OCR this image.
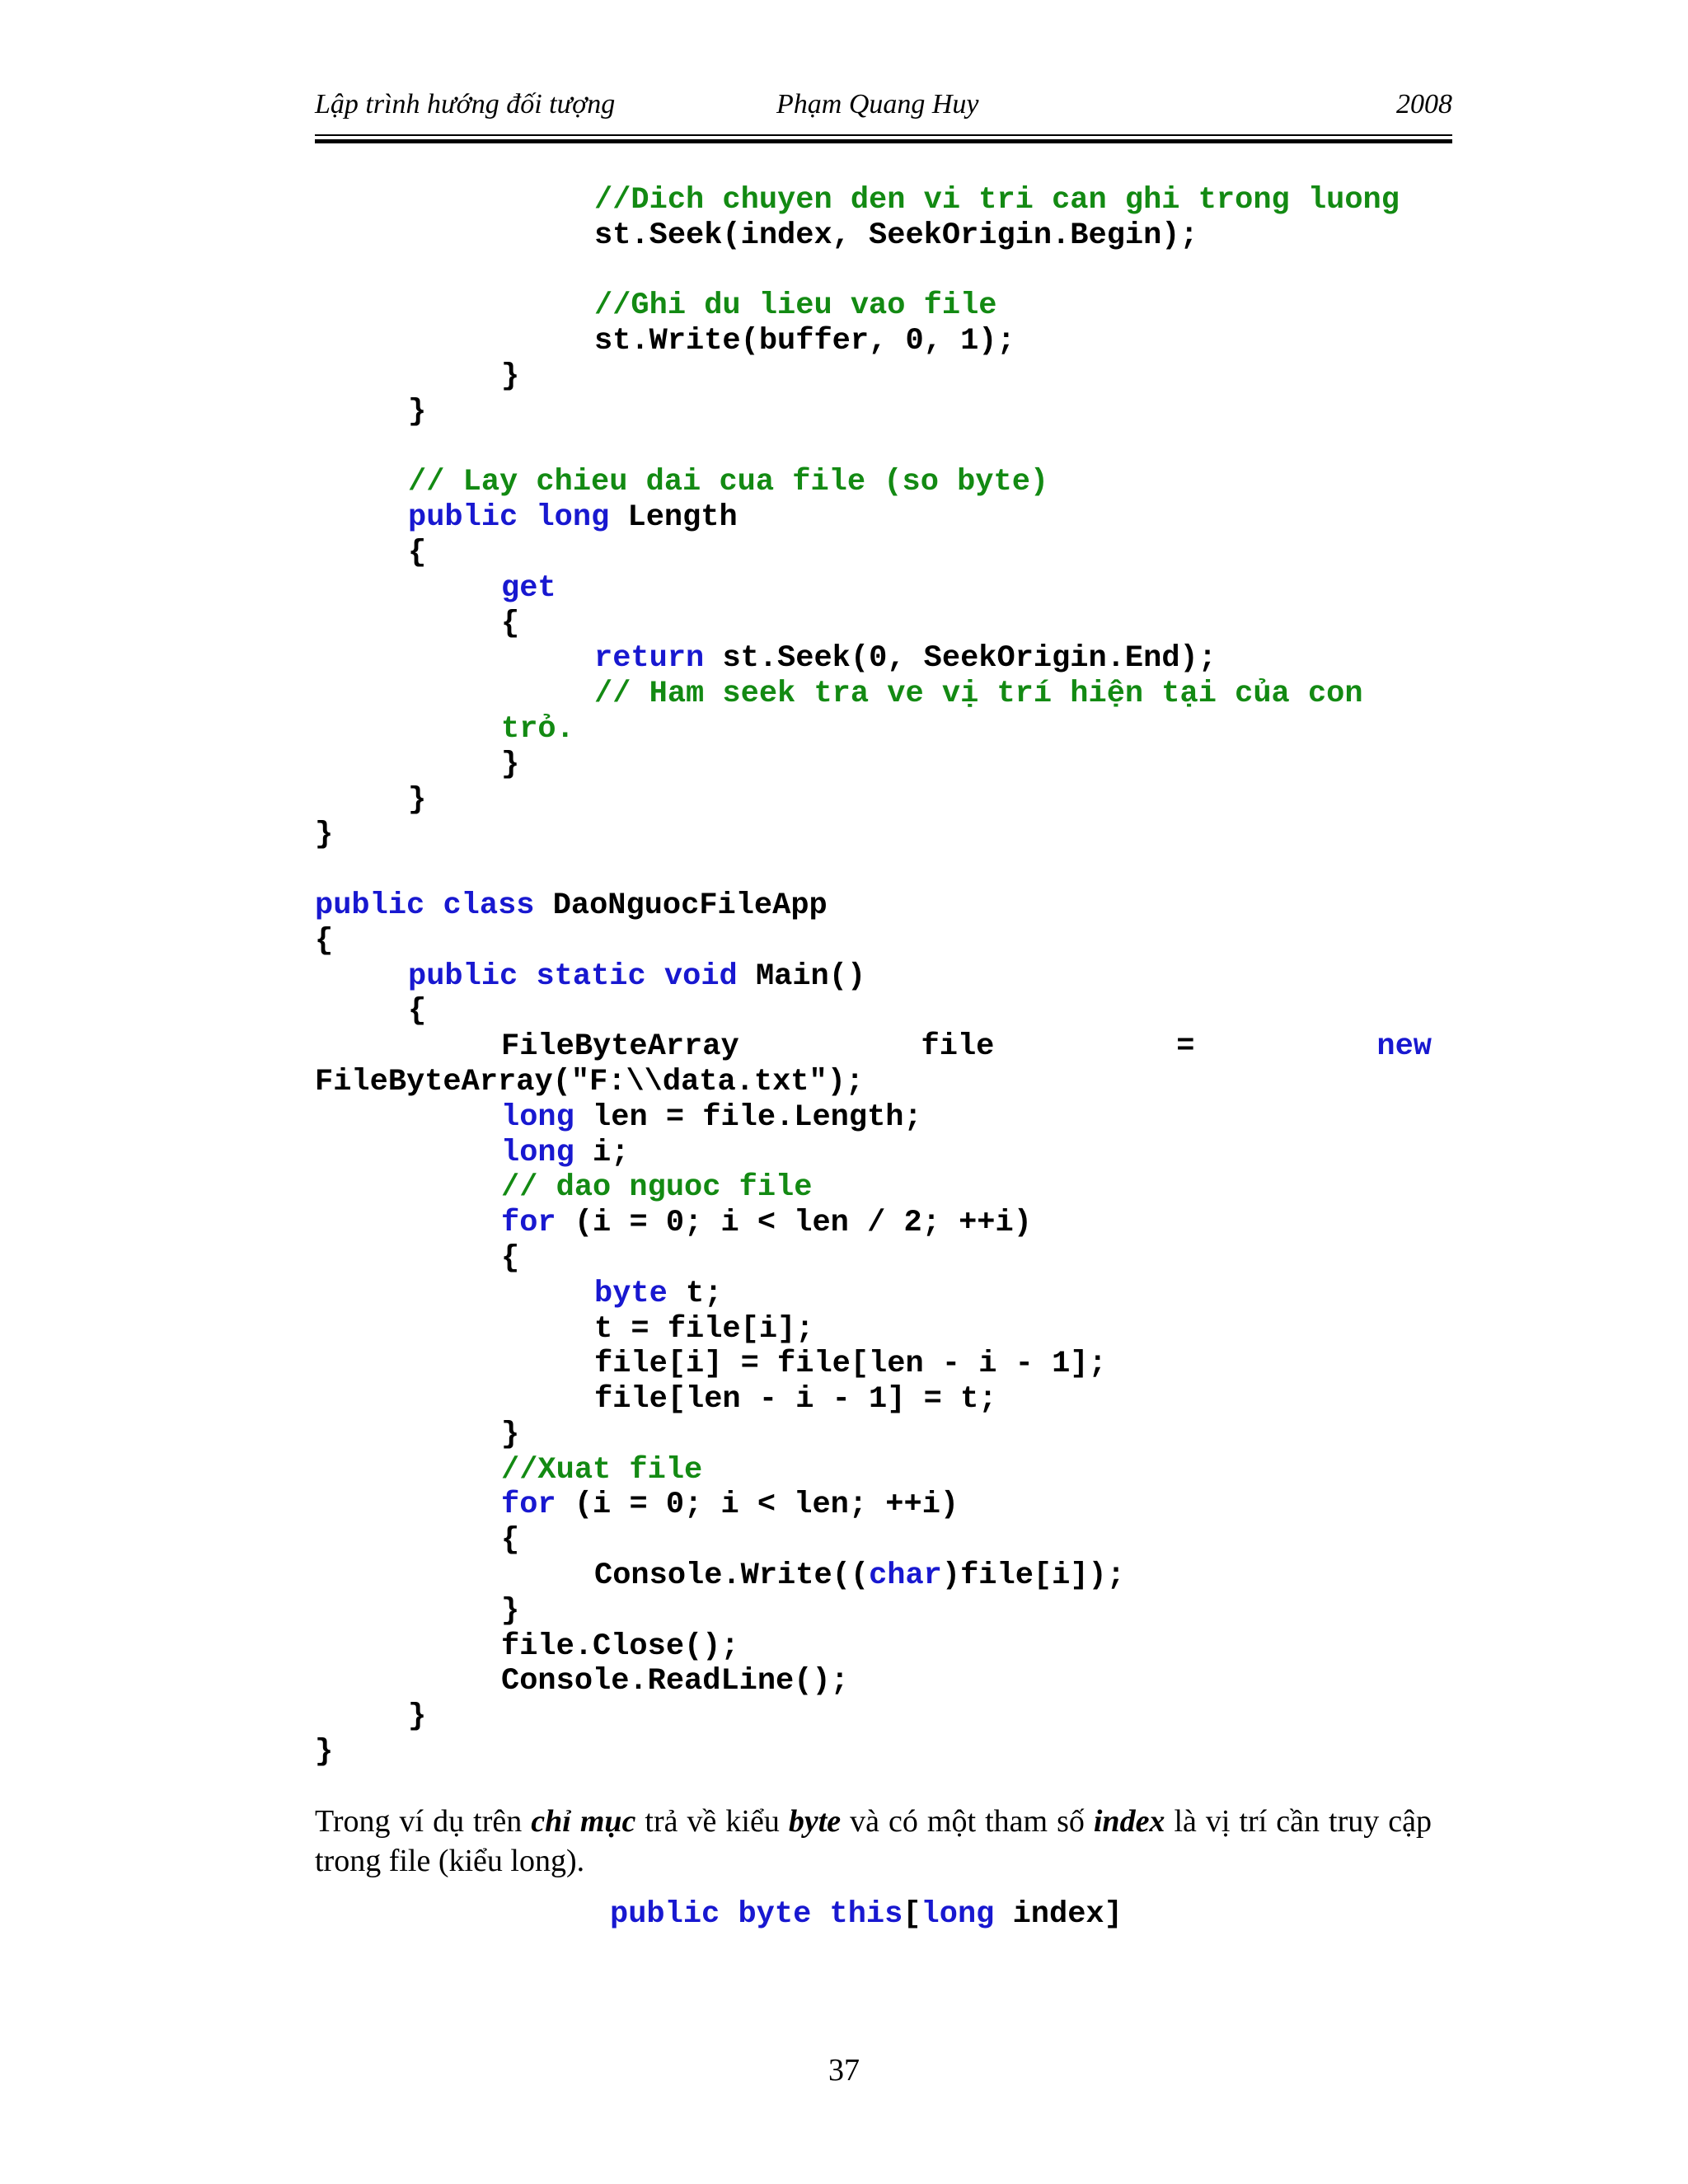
Lập trình hướng đối tượng	Phạm Quang Huy	2008
//Dich chuyen den vi tri can ghi trong luong
st.Seek(index, SeekOrigin.Begin);
//Ghi du lieu vao file
st.Write(buffer, 0, 1);
}
}
// Lay chieu dai cua file (so byte)
public long Length
{
get
{
return st.Seek(0, SeekOrigin.End);
// Ham seek tra ve vị trí hiện tại của con
trỏ.
}
}
}
public class DaoNguocFileApp
{
public static void Main()
{
FileByteArray	file	=	new
FileByteArray("F:\\data.txt");
long len = file.Length;
long i;
// dao nguoc file
for (i = 0; i < len / 2; ++i)
{
byte t;
t = file[i];
file[i] = file[len - i - 1];
file[len - i - 1] = t;
}
//Xuat file
for (i = 0; i < len; ++i)
{
Console.Write((char)file[i]);
}
file.Close();
Console.ReadLine();
}
}

Trong ví dụ trên chỉ mục trả về kiểu byte và có một tham số index là vị trí cần truy cập trong file (kiểu long).

public byte this[long index]
37
